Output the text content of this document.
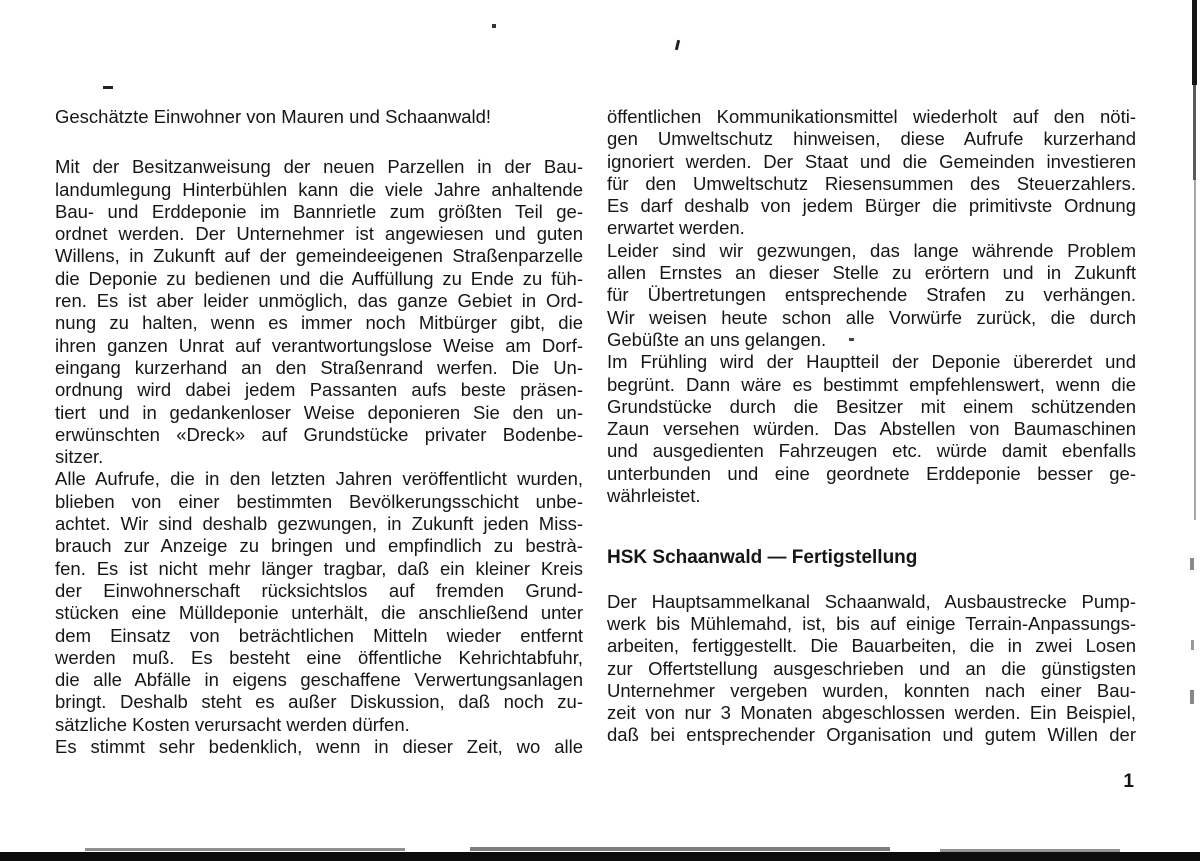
Geschätzte Einwohner von Mauren und Schaanwald!
Mit der Besitzanweisung der neuen Parzellen in der Bau-
landumlegung Hinterbühlen kann die viele Jahre anhaltende
Bau- und Erddeponie im Bannrietle zum größten Teil ge-
ordnet werden. Der Unternehmer ist angewiesen und guten
Willens, in Zukunft auf der gemeindeeigenen Straßenparzelle
die Deponie zu bedienen und die Auffüllung zu Ende zu füh-
ren. Es ist aber leider unmöglich, das ganze Gebiet in Ord-
nung zu halten, wenn es immer noch Mitbürger gibt, die
ihren ganzen Unrat auf verantwortungslose Weise am Dorf-
eingang kurzerhand an den Straßenrand werfen. Die Un-
ordnung wird dabei jedem Passanten aufs beste präsen-
tiert und in gedankenloser Weise deponieren Sie den un-
erwünschten «Dreck» auf Grundstücke privater Bodenbe-
sitzer.
Alle Aufrufe, die in den letzten Jahren veröffentlicht wurden,
blieben von einer bestimmten Bevölkerungsschicht unbe-
achtet. Wir sind deshalb gezwungen, in Zukunft jeden Miss-
brauch zur Anzeige zu bringen und empfindlich zu bestrà-
fen. Es ist nicht mehr länger tragbar, daß ein kleiner Kreis
der Einwohnerschaft rücksichtslos auf fremden Grund-
stücken eine Mülldeponie unterhält, die anschließend unter
dem Einsatz von beträchtlichen Mitteln wieder entfernt
werden muß. Es besteht eine öffentliche Kehrichtabfuhr,
die alle Abfälle in eigens geschaffene Verwertungsanlagen
bringt. Deshalb steht es außer Diskussion, daß noch zu-
sätzliche Kosten verursacht werden dürfen.
Es stimmt sehr bedenklich, wenn in dieser Zeit, wo alle
öffentlichen Kommunikationsmittel wiederholt auf den nöti-
gen Umweltschutz hinweisen, diese Aufrufe kurzerhand
ignoriert werden. Der Staat und die Gemeinden investieren
für den Umweltschutz Riesensummen des Steuerzahlers.
Es darf deshalb von jedem Bürger die primitivste Ordnung
erwartet werden.
Leider sind wir gezwungen, das lange währende Problem
allen Ernstes an dieser Stelle zu erörtern und in Zukunft
für Übertretungen entsprechende Strafen zu verhängen.
Wir weisen heute schon alle Vorwürfe zurück, die durch
Gebüßte an uns gelangen.
Im Frühling wird der Hauptteil der Deponie übererdet und
begrünt. Dann wäre es bestimmt empfehlenswert, wenn die
Grundstücke durch die Besitzer mit einem schützenden
Zaun versehen würden. Das Abstellen von Baumaschinen
und ausgedienten Fahrzeugen etc. würde damit ebenfalls
unterbunden und eine geordnete Erddeponie besser ge-
währleistet.
HSK Schaanwald — Fertigstellung
Der Hauptsammelkanal Schaanwald, Ausbaustrecke Pump-
werk bis Mühlemahd, ist, bis auf einige Terrain-Anpassungs-
arbeiten, fertiggestellt. Die Bauarbeiten, die in zwei Losen
zur Offertstellung ausgeschrieben und an die günstigsten
Unternehmer vergeben wurden, konnten nach einer Bau-
zeit von nur 3 Monaten abgeschlossen werden. Ein Beispiel,
daß bei entsprechender Organisation und gutem Willen der
1
